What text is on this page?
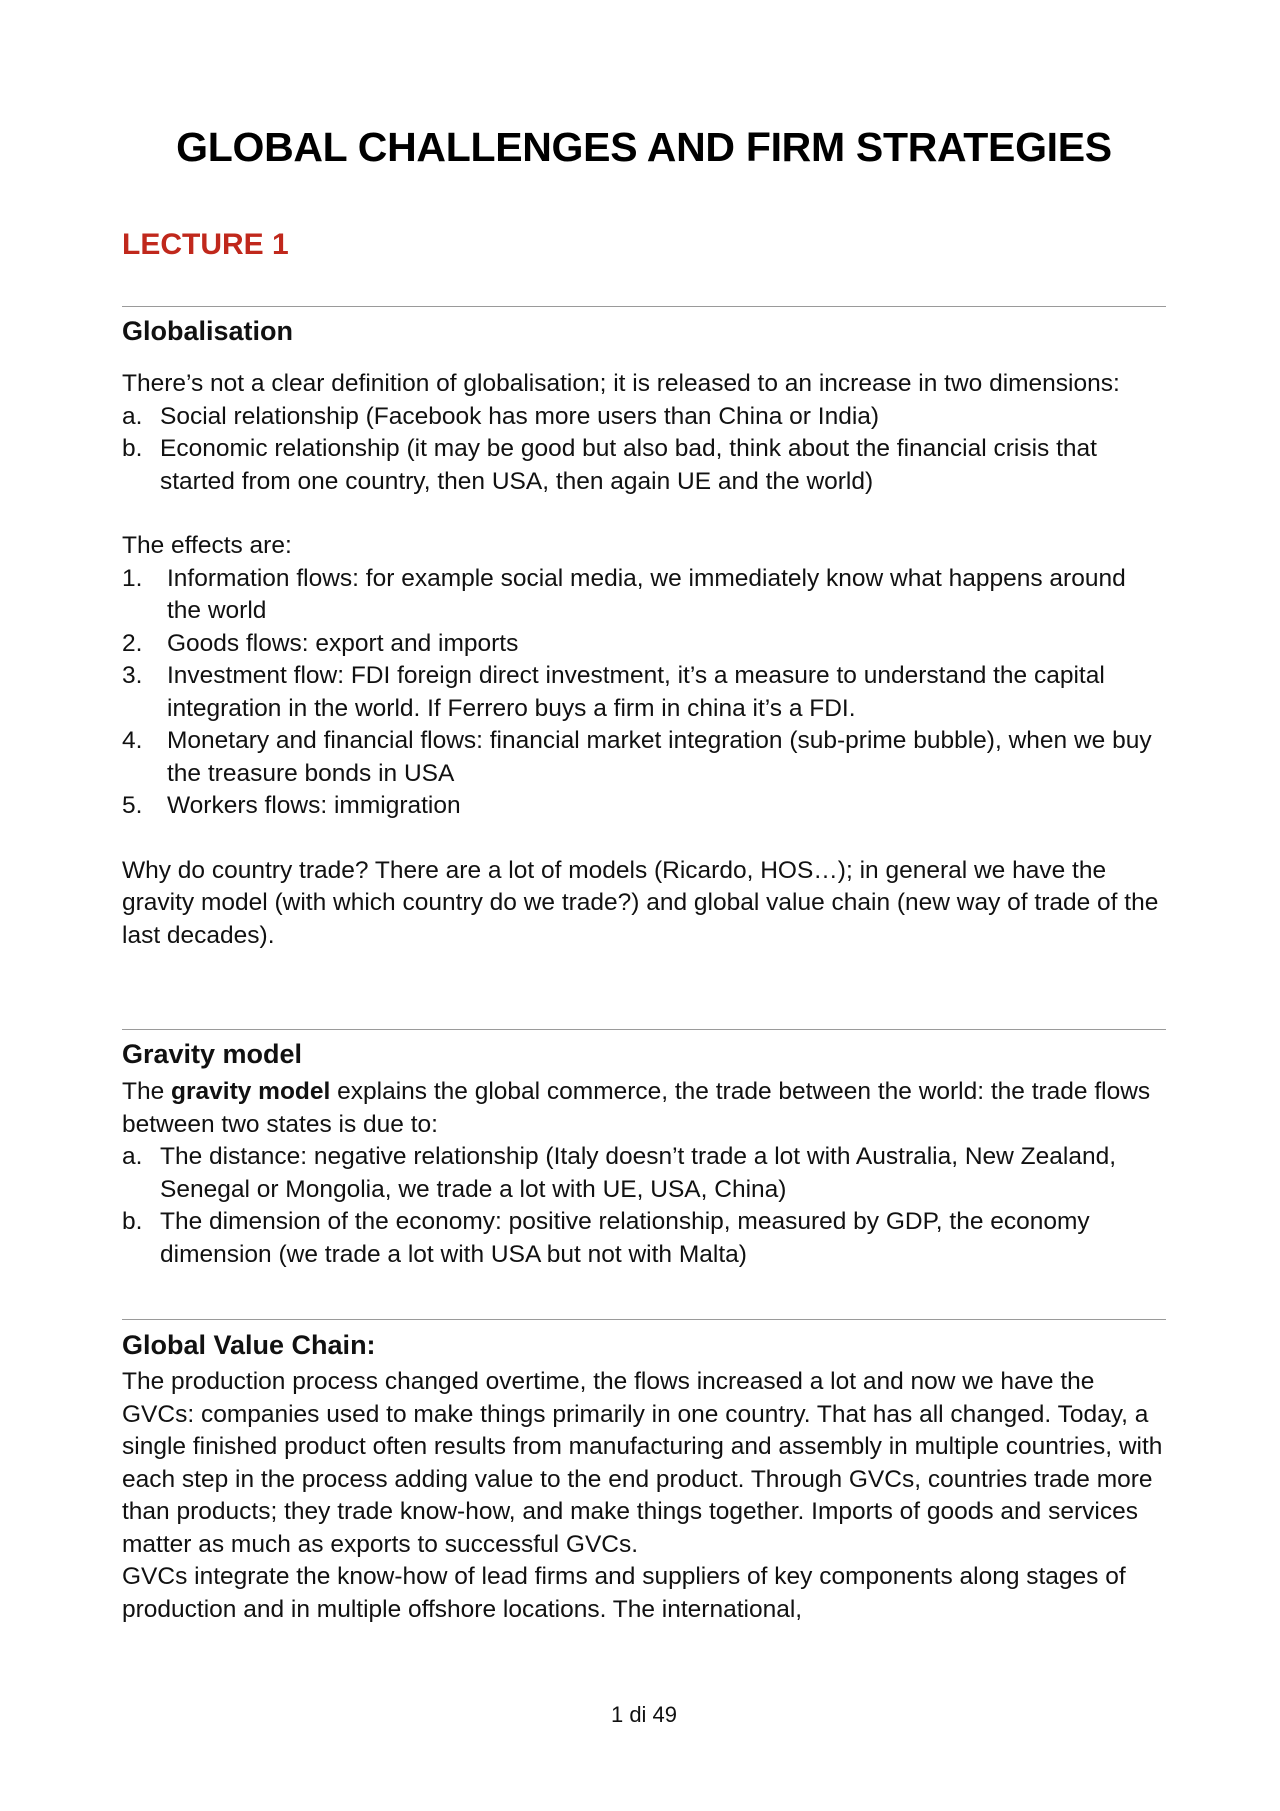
GLOBAL CHALLENGES AND FIRM STRATEGIES
LECTURE 1
Globalisation

There’s not a clear definition of globalisation; it is released to an increase in two dimensions:

a. Social relationship (Facebook has more users than China or India)
b. Economic relationship (it may be good but also bad, think about the financial crisis that started from one country, then USA, then again UE and the world)

The effects are:

1. Information flows: for example social media, we immediately know what happens around the world
2. Goods flows: export and imports
3. Investment flow: FDI foreign direct investment, it’s a measure to understand the capital integration in the world. If Ferrero buys a firm in china it’s a FDI.
4. Monetary and financial flows: financial market integration (sub-prime bubble), when we buy the treasure bonds in USA
5. Workers flows: immigration

Why do country trade? There are a lot of models (Ricardo, HOS…); in general we have the gravity model (with which country do we trade?) and global value chain (new way of trade of the last decades).

Gravity model

The gravity model explains the global commerce, the trade between the world: the trade flows between two states is due to:

a. The distance: negative relationship (Italy doesn’t trade a lot with Australia, New Zealand, Senegal or Mongolia, we trade a lot with UE, USA, China)
b. The dimension of the economy: positive relationship, measured by GDP, the economy dimension (we trade a lot with USA but not with Malta)
Global Value Chain:

The production process changed overtime, the flows increased a lot and now we have the GVCs: companies used to make things primarily in one country. That has all changed. Today, a single finished product often results from manufacturing and assembly in multiple countries, with each step in the process adding value to the end product. Through GVCs, countries trade more than products; they trade know-how, and make things together. Imports of goods and services matter as much as exports to successful GVCs.

GVCs integrate the know-how of lead firms and suppliers of key components along stages of production and in multiple offshore locations. The international,

1 di 49
